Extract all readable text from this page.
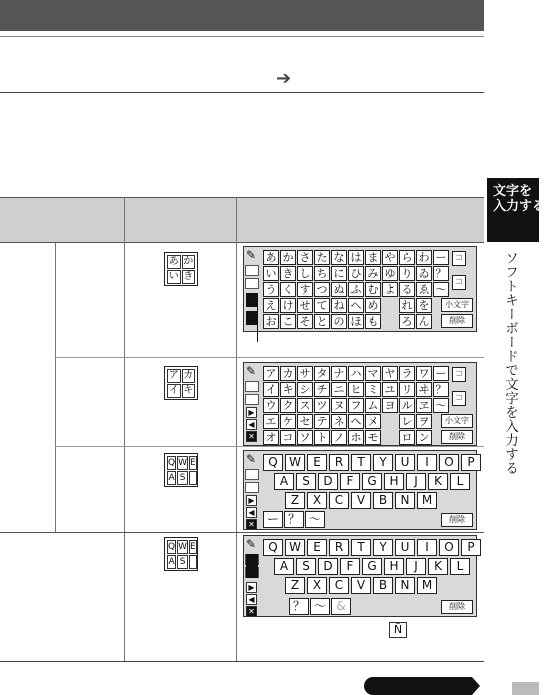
➔
文字を
入力する
ソフトキーボードで文字を入力する
あ か
い き
ア カ
イ キ
Q W E
A S
Q W E
A S
✎ あ か さ た な は ま や ら わ ー
い き し ち に ひ み ゆ り ゐ ？
う く す つ ぬ ふ む よ る ゑ ～
え け せ て ね へ め れ を
お こ そ と の ほ も ろ ん
⊐
⊐
小文字
削除
✎
▶
◀
✕
ア カ サ タ ナ ハ マ ヤ ラ ワ ー
イ キ シ チ ニ ヒ ミ ユ リ ヰ ？
ウ ク ス ツ ヌ フ ム ヨ ル ヱ ～
エ ケ セ テ ネ ヘ メ レ ヲ
オ コ ソ ト ノ ホ モ ロ ン
⊐
⊐
小文字
削除
✎
▶
◀
✕
Q W	E	R	T	Y	U	I	O	P
A	S	D	F	G	H	J	K	L
Z	X	C	V	B	N	M
ー ？ ～	削除
✎
▶
◀
✕
Q W	E	R	T	Y	U	I	O	P
A	S	D	F	G	H	J	K	L
Z	X	C	V	B	N	M
？ ～ &	削除
Ñ
